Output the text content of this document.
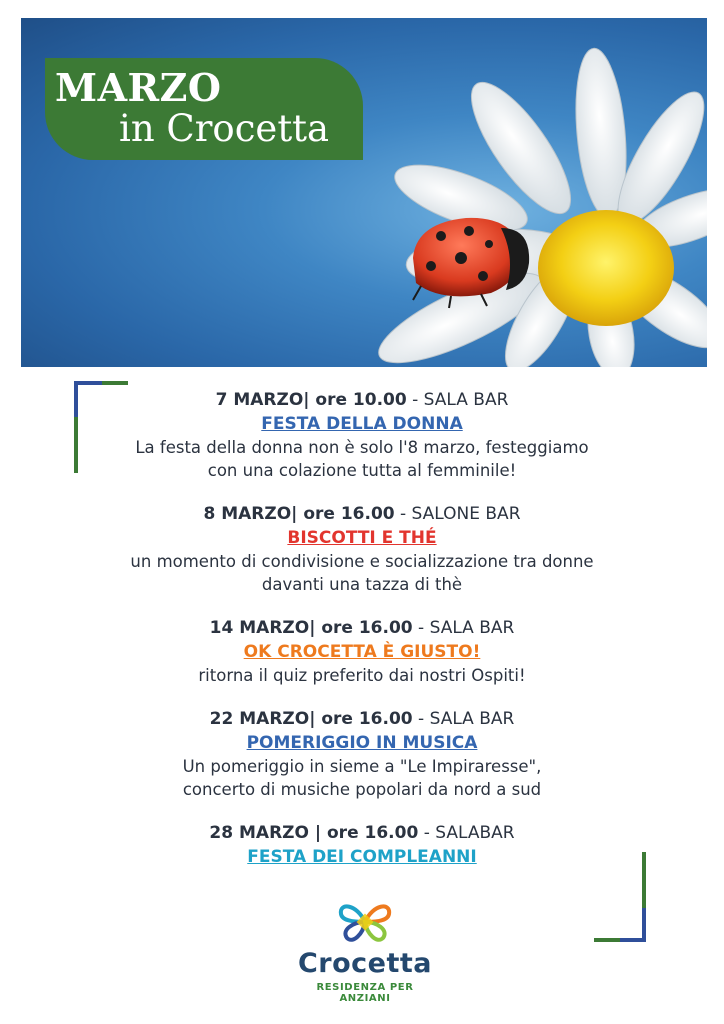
MARZO
in Crocetta
7 MARZO| ore 10.00 - SALA BAR
FESTA DELLA DONNA
La festa della donna non è solo l'8 marzo, festeggiamo
con una colazione tutta al femminile!
8 MARZO| ore 16.00 - SALONE BAR
BISCOTTI E THÉ
un momento di condivisione e socializzazione tra donne
davanti una tazza di thè
14 MARZO| ore 16.00 - SALA BAR
OK CROCETTA È GIUSTO!
ritorna il quiz preferito dai nostri Ospiti!
22 MARZO| ore 16.00 - SALA BAR
POMERIGGIO IN MUSICA
Un pomeriggio in sieme a "Le Impiraresse",
concerto di musiche popolari da nord a sud
28 MARZO | ore 16.00 - SALABAR
FESTA DEI COMPLEANNI
Crocetta
RESIDENZA PER ANZIANI
